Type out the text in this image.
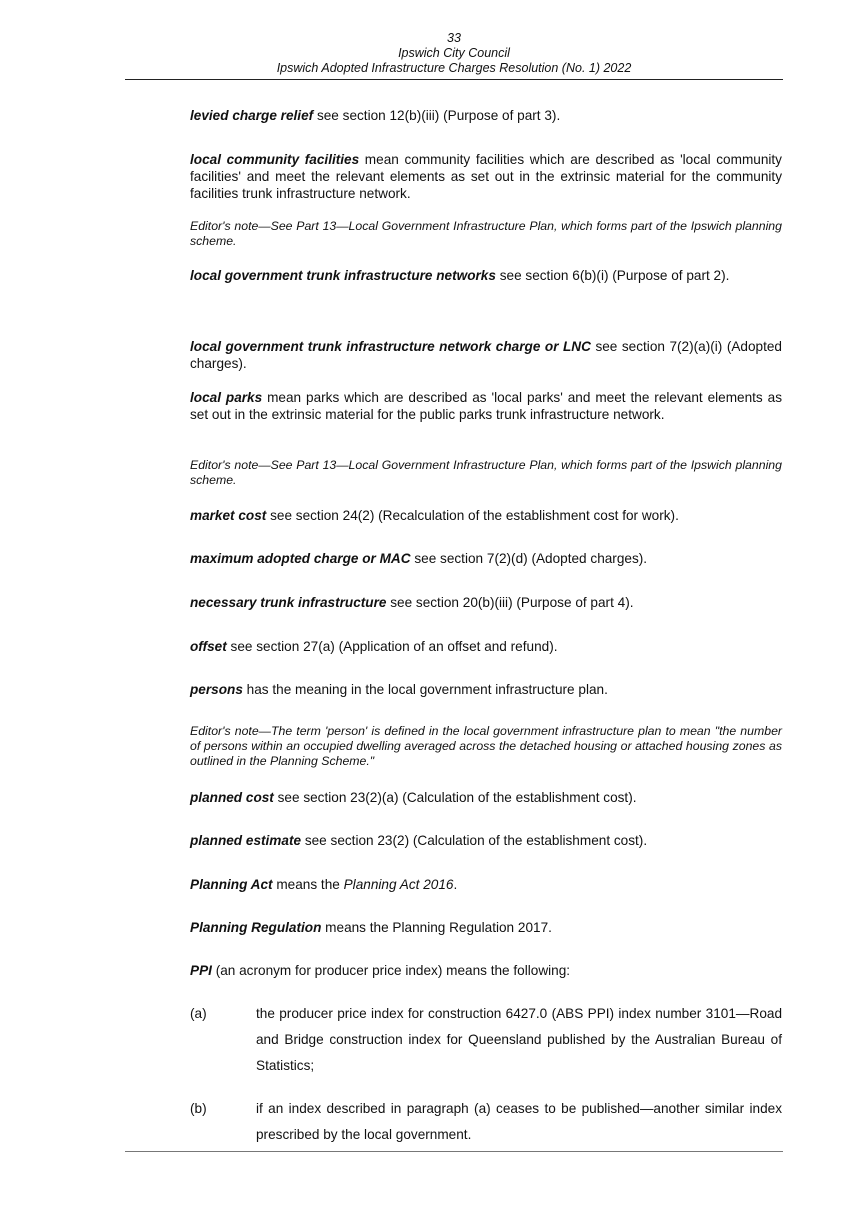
33
Ipswich City Council
Ipswich Adopted Infrastructure Charges Resolution (No. 1) 2022

levied charge relief see section 12(b)(iii) (Purpose of part 3).

local community facilities mean community facilities which are described as 'local community facilities' and meet the relevant elements as set out in the extrinsic material for the community facilities trunk infrastructure network.

Editor's note—See Part 13—Local Government Infrastructure Plan, which forms part of the Ipswich planning scheme.

local government trunk infrastructure networks see section 6(b)(i) (Purpose of part 2).

local government trunk infrastructure network charge or LNC see section 7(2)(a)(i) (Adopted charges).

local parks mean parks which are described as 'local parks' and meet the relevant elements as set out in the extrinsic material for the public parks trunk infrastructure network.

Editor's note—See Part 13—Local Government Infrastructure Plan, which forms part of the Ipswich planning scheme.

market cost see section 24(2) (Recalculation of the establishment cost for work).

maximum adopted charge or MAC see section 7(2)(d) (Adopted charges).

necessary trunk infrastructure see section 20(b)(iii) (Purpose of part 4).

offset see section 27(a) (Application of an offset and refund).

persons has the meaning in the local government infrastructure plan.

Editor's note—The term 'person' is defined in the local government infrastructure plan to mean "the number of persons within an occupied dwelling averaged across the detached housing or attached housing zones as outlined in the Planning Scheme."

planned cost see section 23(2)(a) (Calculation of the establishment cost).

planned estimate see section 23(2) (Calculation of the establishment cost).

Planning Act means the Planning Act 2016.

Planning Regulation means the Planning Regulation 2017.

PPI (an acronym for producer price index) means the following:

(a)	the producer price index for construction 6427.0 (ABS PPI) index number 3101—Road and Bridge construction index for Queensland published by the Australian Bureau of Statistics;
(b)	if an index described in paragraph (a) ceases to be published—another similar index prescribed by the local government.
